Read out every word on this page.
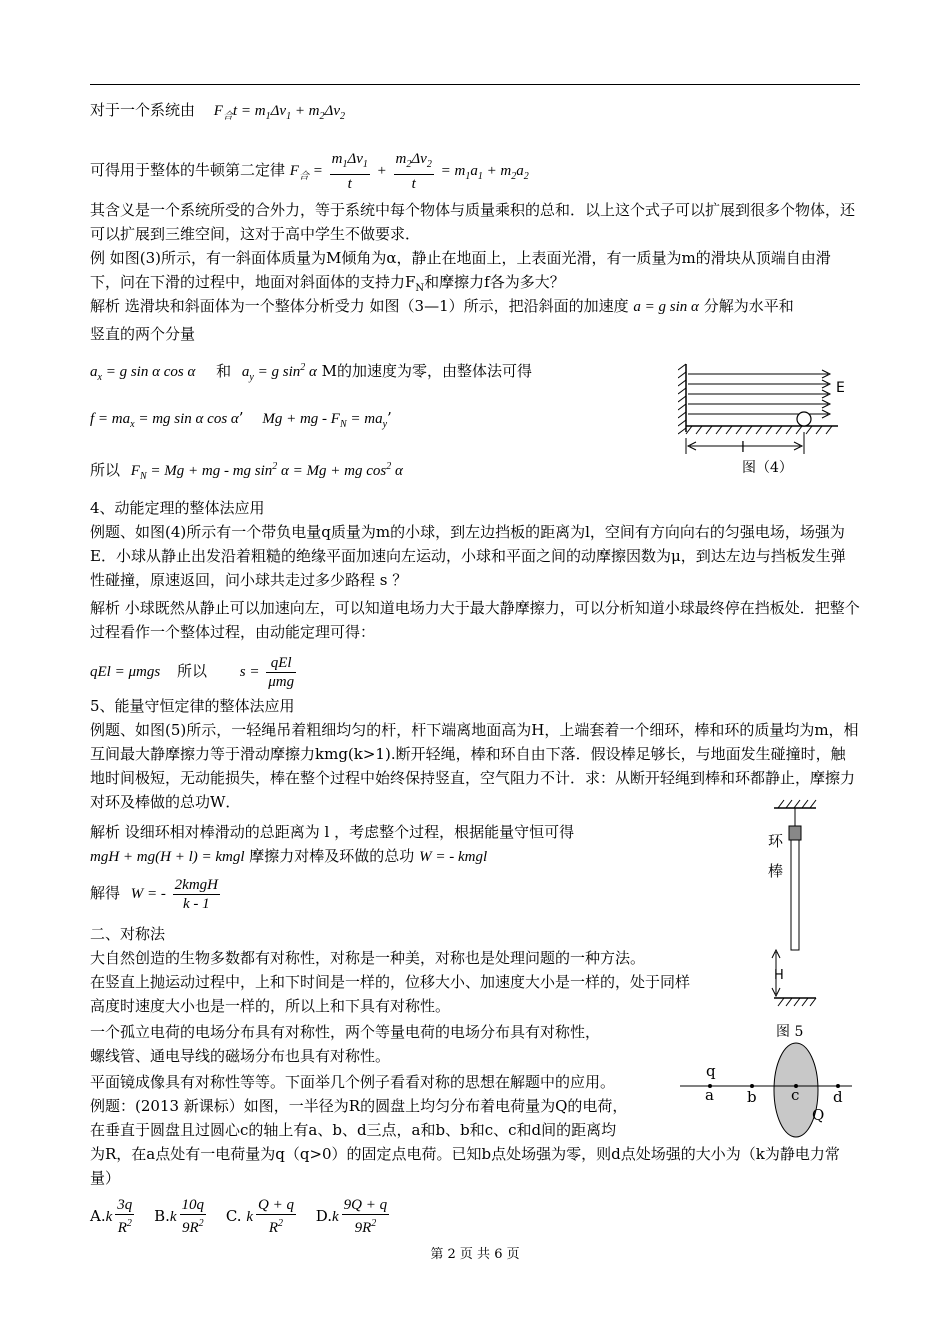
对于一个系统由 $F_合t = m_1\Delta v_1 + m_2\Delta v_2$
可得用于整体的牛顿第二定律 $F_合 = \frac{m_1\Delta v_1}{t} + \frac{m_2\Delta v_2}{t} = m_1a_1 + m_2a_2$
其含义是一个系统所受的合外力，等于系统中每个物体与质量乘积的总和．以上这个式子可以扩展到很多个物体，还可以扩展到三维空间，这对于高中学生不做要求．
例 如图(3)所示，有一斜面体质量为M倾角为α，静止在地面上，上表面光滑，有一质量为m的滑块从顶端自由滑下，问在下滑的过程中，地面对斜面体的支持力$F_N$和摩擦力f各为多大？
解析 选滑块和斜面体为一个整体分析受力 如图（3—1）所示，把沿斜面的加速度 a = g sin α 分解为水平和
竖直的两个分量
$a_x = g$ sin α cos α 和 $a_y = g$ $\sin^2 \alpha$ M的加速度为零，由整体法可得
$f = ma_x$ = mg sin α cos α’ Mg + mg - $F_N = ma_y$’
所以 $F_N = Mg$ + mg - mg $\sin^2 \alpha = Mg$ + mg $\cos^2 \alpha$
4、动能定理的整体法应用
例题、如图(4)所示有一个带负电量q质量为m的小球，到左边挡板的距离为l，空间有方向向右的匀强电场，场强为E．小球从静止出发沿着粗糙的绝缘平面加速向左运动，小球和平面之间的动摩擦因数为μ，到达左边与挡板发生弹性碰撞，原速返回，问小球共走过多少路程 s ？
解析 小球既然从静止可以加速向左，可以知道电场力大于最大静摩擦力，可以分析知道小球最终停在挡板处．把整个过程看作一个整体过程，由动能定理可得：
qEl = μmgs 所以 $s = \frac{\text{qEl}}{\text{μmg}}$
5、能量守恒定律的整体法应用
例题、如图(5)所示，一轻绳吊着粗细均匀的杆，杆下端离地面高为H，上端套着一个细环，棒和环的质量均为m，相互间最大静摩擦力等于滑动摩擦力kmg(k>1).断开轻绳，棒和环自由下落．假设棒足够长，与地面发生碰撞时，触地时间极短，无动能损失，棒在整个过程中始终保持竖直，空气阻力不计．求：从断开轻绳到棒和环都静止，摩擦力对环及棒做的总功W．
解析 设细环相对棒滑动的总距离为 l ，考虑整个过程，根据能量守恒可得
mgH + mg(H + l) = kmgl 摩擦力对棒及环做的总功 W = - kmgl
解得 W = - $\frac{\text{2kmgH}}{k - 1}$
二、对称法
大自然创造的生物多数都有对称性，对称是一种美，对称也是处理问题的一种方法。
在竖直上抛运动过程中，上和下时间是一样的，位移大小、加速度大小是一样的，处于同样
高度时速度大小也是一样的，所以上和下具有对称性。
一个孤立电荷的电场分布具有对称性，两个等量电荷的电场分布具有对称性，
螺线管、通电导线的磁场分布也具有对称性。
平面镜成像具有对称性等等。下面举几个例子看看对称的思想在解题中的应用。
例题：(2013 新课标）如图，一半径为R的圆盘上均匀分布着电荷量为Q的电荷，
在垂直于圆盘且过圆心c的轴上有a、b、d三点，a和b、b和c、c和d间的距离均
为R，在a点处有一电荷量为q（q>0）的固定点电荷。已知b点处场强为零，则d点处场强的大小为（k为静电力常量）
$A.k \frac{3q}{R^2} B.k \frac{10q}{9R^2} C$. k $\frac{Q + q}{R^2} D.k \frac{9Q + q}{9R^2}$
E
l
图（4）
环
棒
H
图 5
q
a b c d
Q
第 2 页 共 6 页
